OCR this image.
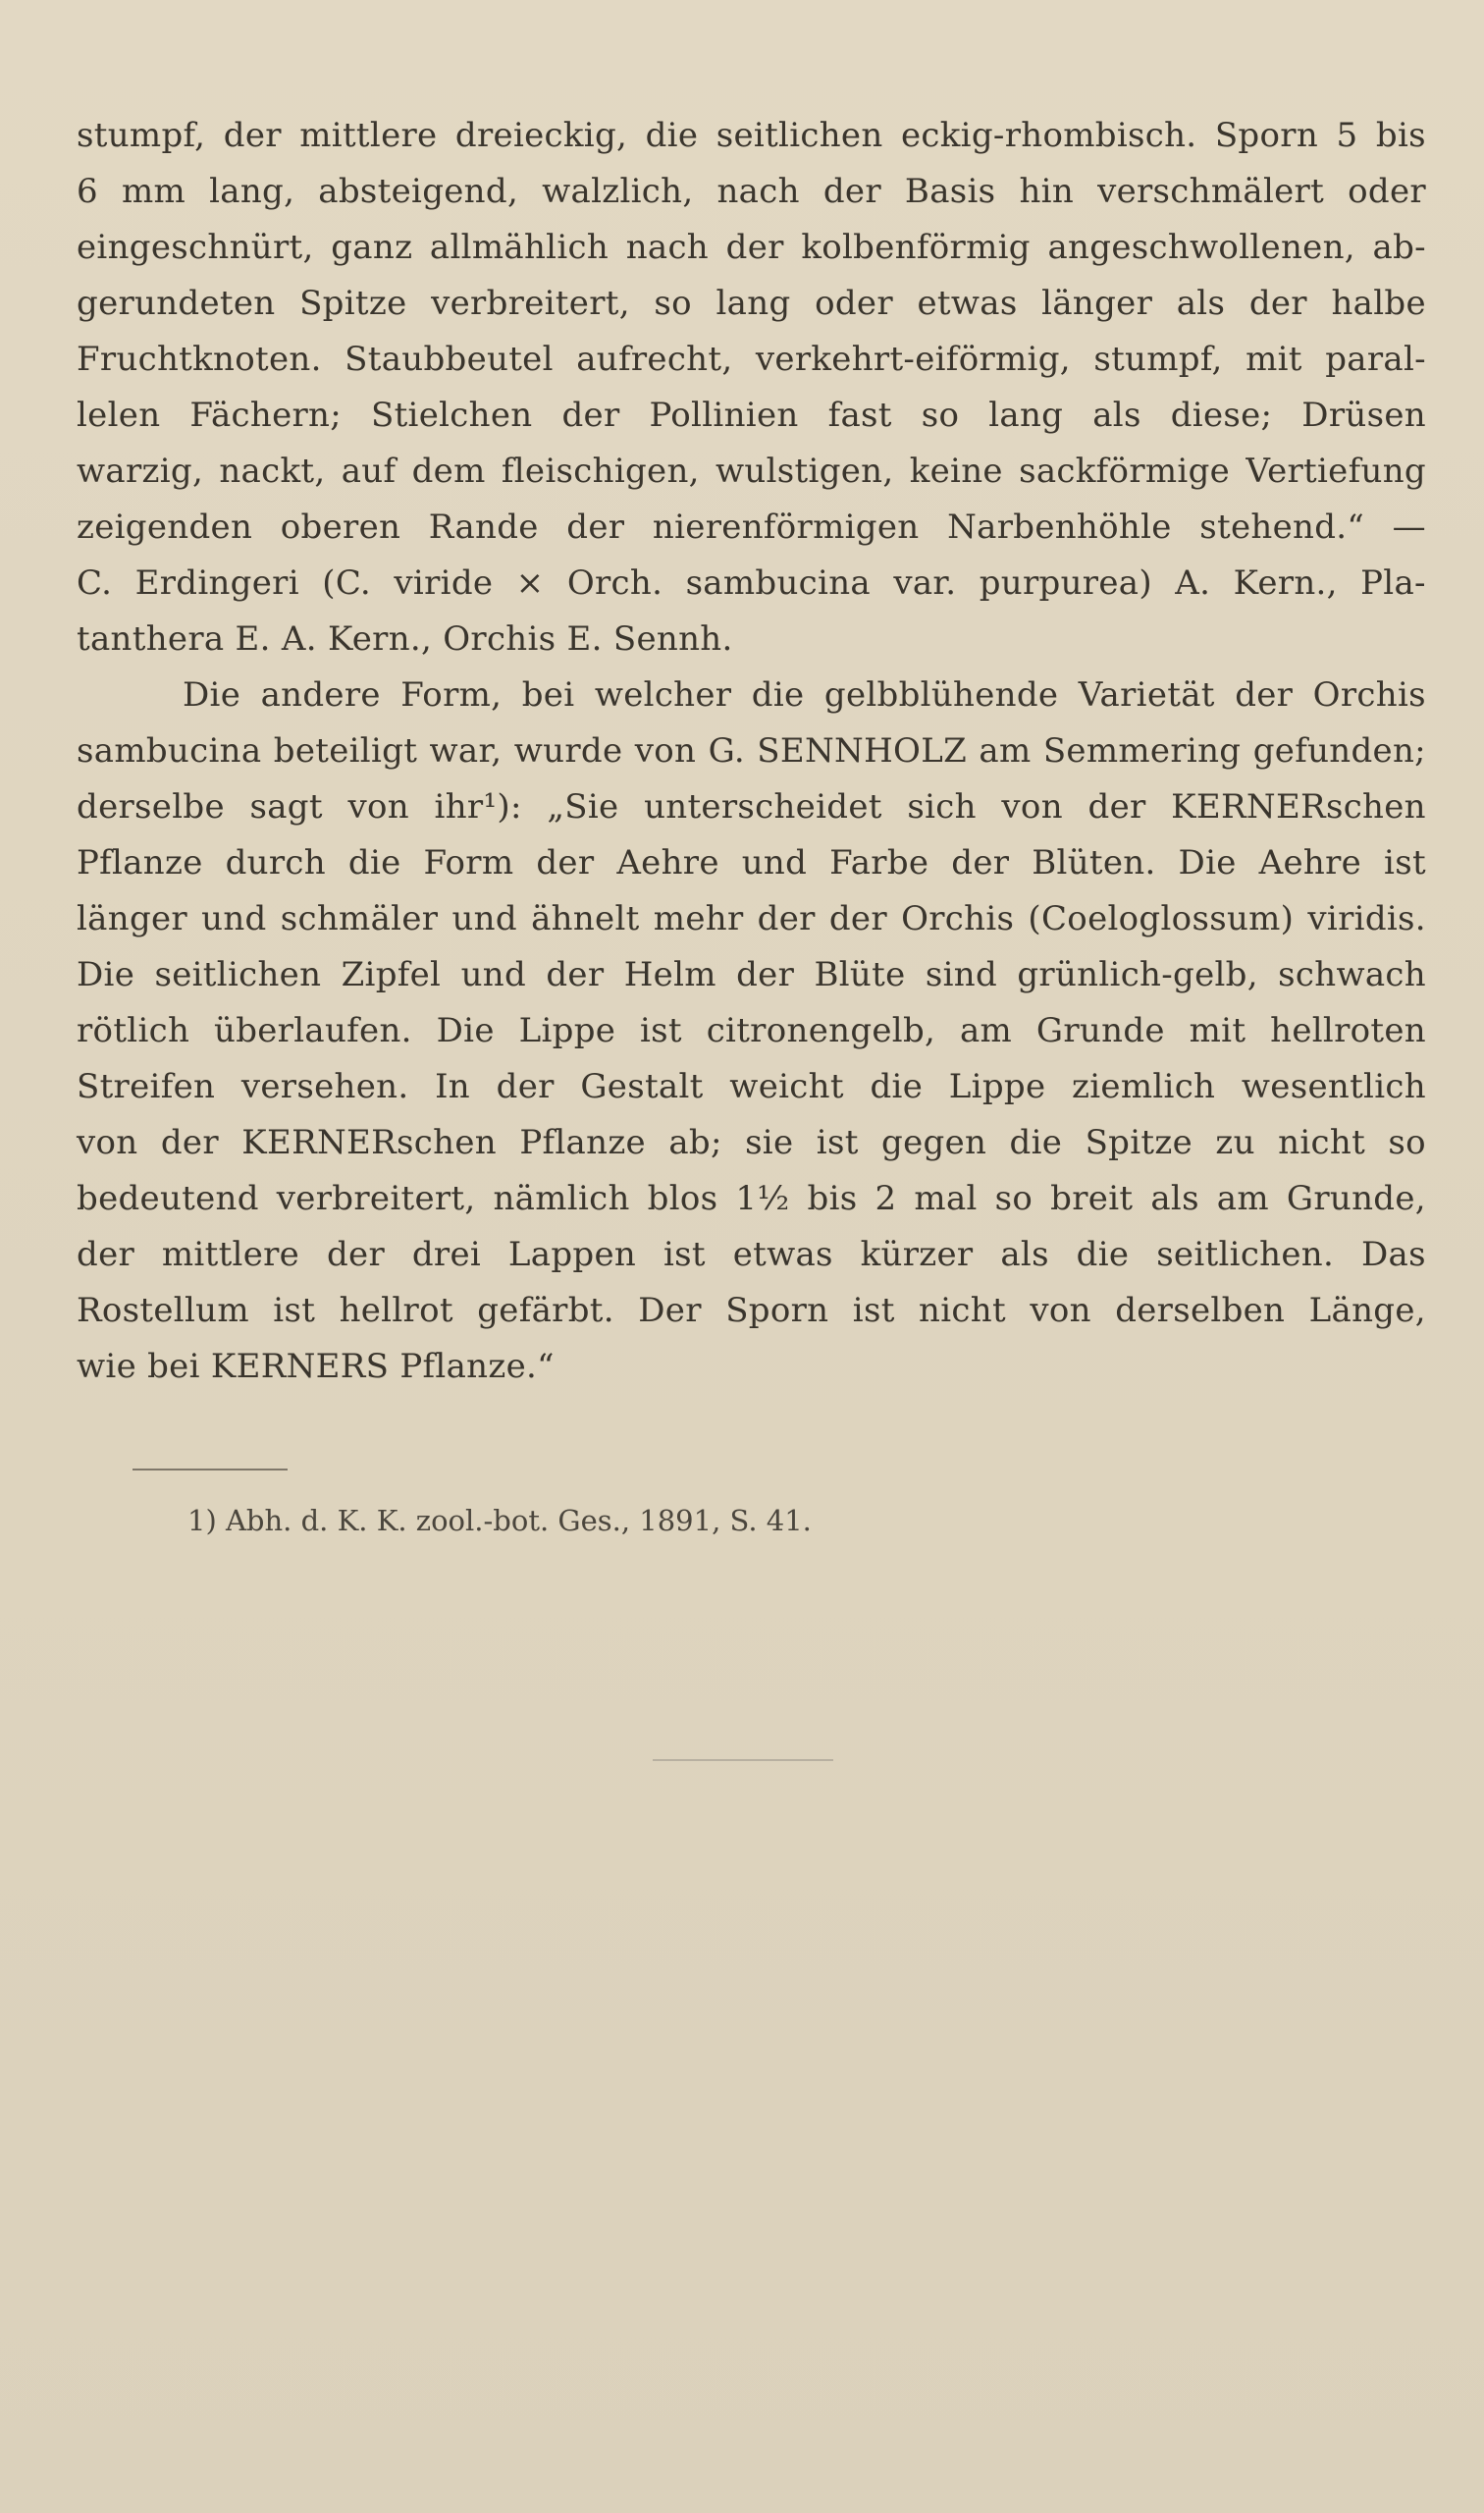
stumpf, der mittlere dreieckig, die seitlichen eckig-rhombisch. Sporn 5 bis
6 mm lang, absteigend, walzlich, nach der Basis hin verschmälert oder
eingeschnürt, ganz allmählich nach der kolbenförmig angeschwollenen, ab-
gerundeten Spitze verbreitert, so lang oder etwas länger als der halbe
Fruchtknoten. Staubbeutel aufrecht, verkehrt-eiförmig, stumpf, mit paral-
lelen Fächern; Stielchen der Pollinien fast so lang als diese; Drüsen
warzig, nackt, auf dem fleischigen, wulstigen, keine sackförmige Vertiefung
zeigenden oberen Rande der nierenförmigen Narbenhöhle stehend.“ —
C. Erdingeri (C. viride × Orch. sambucina var. purpurea) A. Kern., Pla-
tanthera E. A. Kern., Orchis E. Sennh.
Die andere Form, bei welcher die gelbblühende Varietät der Orchis
sambucina beteiligt war, wurde von G. SENNHOLZ am Semmering gefunden;
derselbe sagt von ihr¹): „Sie unterscheidet sich von der KERNERschen
Pflanze durch die Form der Aehre und Farbe der Blüten. Die Aehre ist
länger und schmäler und ähnelt mehr der der Orchis (Coeloglossum) viridis.
Die seitlichen Zipfel und der Helm der Blüte sind grünlich-gelb, schwach
rötlich überlaufen. Die Lippe ist citronengelb, am Grunde mit hellroten
Streifen versehen. In der Gestalt weicht die Lippe ziemlich wesentlich
von der KERNERschen Pflanze ab; sie ist gegen die Spitze zu nicht so
bedeutend verbreitert, nämlich blos 1½ bis 2 mal so breit als am Grunde,
der mittlere der drei Lappen ist etwas kürzer als die seitlichen. Das
Rostellum ist hellrot gefärbt. Der Sporn ist nicht von derselben Länge,
wie bei KERNERS Pflanze.“
1) Abh. d. K. K. zool.-bot. Ges., 1891, S. 41.
